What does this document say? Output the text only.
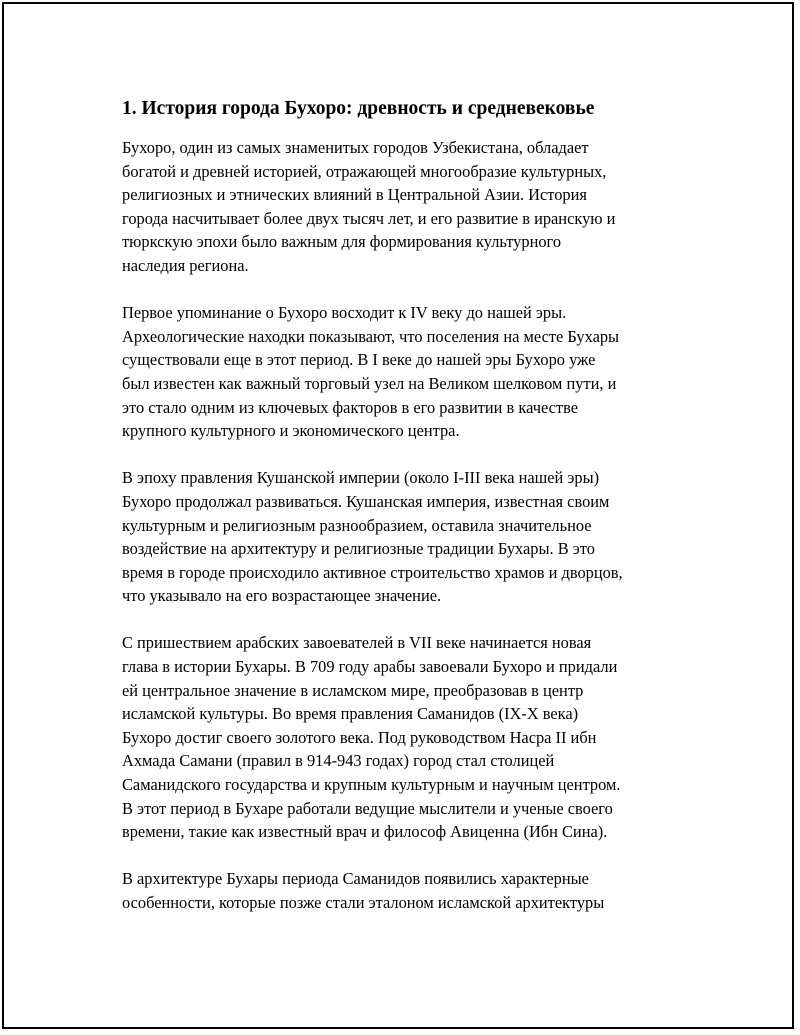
1. История города Бухоро: древность и средневековье

Бухоро, один из самых знаменитых городов Узбекистана, обладает
богатой и древней историей, отражающей многообразие культурных,
религиозных и этнических влияний в Центральной Азии. История
города насчитывает более двух тысяч лет, и его развитие в иранскую и
тюркскую эпохи было важным для формирования культурного
наследия региона.

Первое упоминание о Бухоро восходит к IV веку до нашей эры.
Археологические находки показывают, что поселения на месте Бухары
существовали еще в этот период. В I веке до нашей эры Бухоро уже
был известен как важный торговый узел на Великом шелковом пути, и
это стало одним из ключевых факторов в его развитии в качестве
крупного культурного и экономического центра.

В эпоху правления Кушанской империи (около I-III века нашей эры)
Бухоро продолжал развиваться. Кушанская империя, известная своим
культурным и религиозным разнообразием, оставила значительное
воздействие на архитектуру и религиозные традиции Бухары. В это
время в городе происходило активное строительство храмов и дворцов,
что указывало на его возрастающее значение.

С пришествием арабских завоевателей в VII веке начинается новая
глава в истории Бухары. В 709 году арабы завоевали Бухоро и придали
ей центральное значение в исламском мире, преобразовав в центр
исламской культуры. Во время правления Саманидов (IX-X века)
Бухоро достиг своего золотого века. Под руководством Насра II ибн
Ахмада Самани (правил в 914-943 годах) город стал столицей
Саманидского государства и крупным культурным и научным центром.
В этот период в Бухаре работали ведущие мыслители и ученые своего
времени, такие как известный врач и философ Авиценна (Ибн Сина).

В архитектуре Бухары периода Саманидов появились характерные
особенности, которые позже стали эталоном исламской архитектуры
